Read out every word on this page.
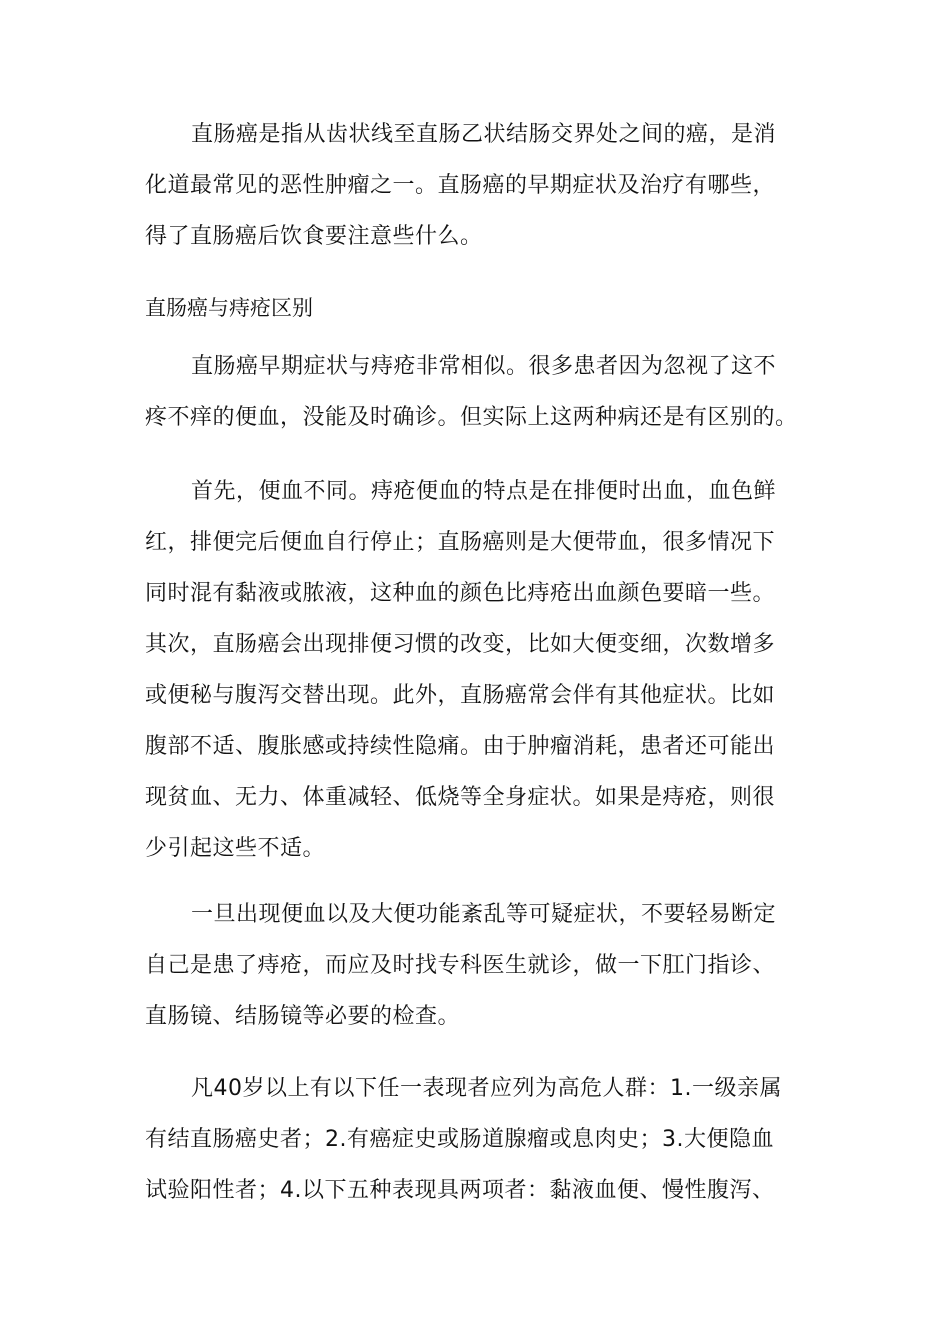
直肠癌是指从齿状线至直肠乙状结肠交界处之间的癌，是消
化道最常见的恶性肿瘤之一。直肠癌的早期症状及治疗有哪些，
得了直肠癌后饮食要注意些什么。
直肠癌与痔疮区别
直肠癌早期症状与痔疮非常相似。很多患者因为忽视了这不
疼不痒的便血，没能及时确诊。但实际上这两种病还是有区别的。
首先，便血不同。痔疮便血的特点是在排便时出血，血色鲜
红，排便完后便血自行停止；直肠癌则是大便带血，很多情况下
同时混有黏液或脓液，这种血的颜色比痔疮出血颜色要暗一些。
其次，直肠癌会出现排便习惯的改变，比如大便变细，次数增多
或便秘与腹泻交替出现。此外，直肠癌常会伴有其他症状。比如
腹部不适、腹胀感或持续性隐痛。由于肿瘤消耗，患者还可能出
现贫血、无力、体重减轻、低烧等全身症状。如果是痔疮，则很
少引起这些不适。
一旦出现便血以及大便功能紊乱等可疑症状，不要轻易断定
自己是患了痔疮，而应及时找专科医生就诊，做一下肛门指诊、
直肠镜、结肠镜等必要的检查。
凡40岁以上有以下任一表现者应列为高危人群：1.一级亲属
有结直肠癌史者；2.有癌症史或肠道腺瘤或息肉史；3.大便隐血
试验阳性者；4.以下五种表现具两项者：黏液血便、慢性腹泻、
